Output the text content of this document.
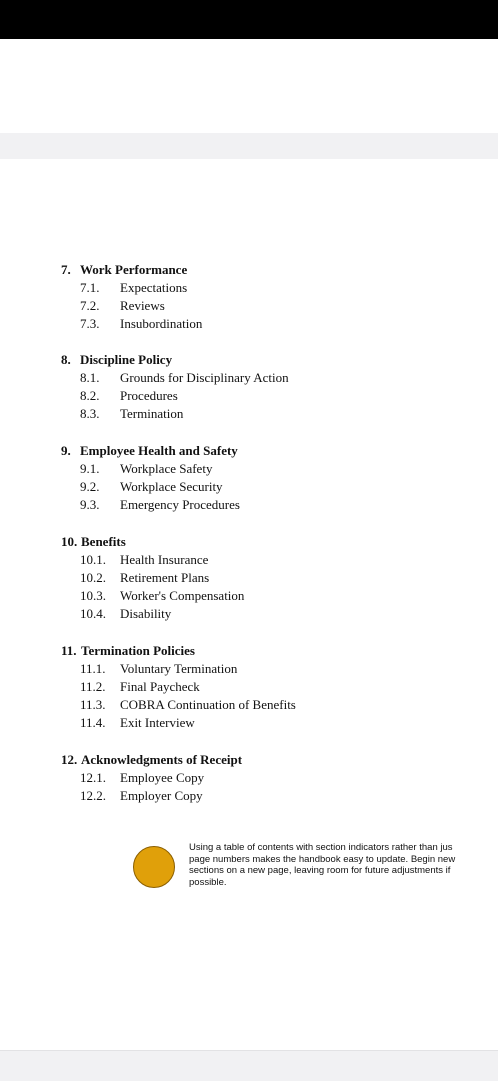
7. Work Performance
7.1. Expectations
7.2. Reviews
7.3. Insubordination
8. Discipline Policy
8.1. Grounds for Disciplinary Action
8.2. Procedures
8.3. Termination
9. Employee Health and Safety
9.1. Workplace Safety
9.2. Workplace Security
9.3. Emergency Procedures
10. Benefits
10.1. Health Insurance
10.2. Retirement Plans
10.3. Worker's Compensation
10.4. Disability
11. Termination Policies
11.1. Voluntary Termination
11.2. Final Paycheck
11.3. COBRA Continuation of Benefits
11.4. Exit Interview
12. Acknowledgments of Receipt
12.1. Employee Copy
12.2. Employer Copy
Using a table of contents with section indicators rather than jus
page numbers makes the handbook easy to update. Begin new
sections on a new page, leaving room for future adjustments if
possible.
